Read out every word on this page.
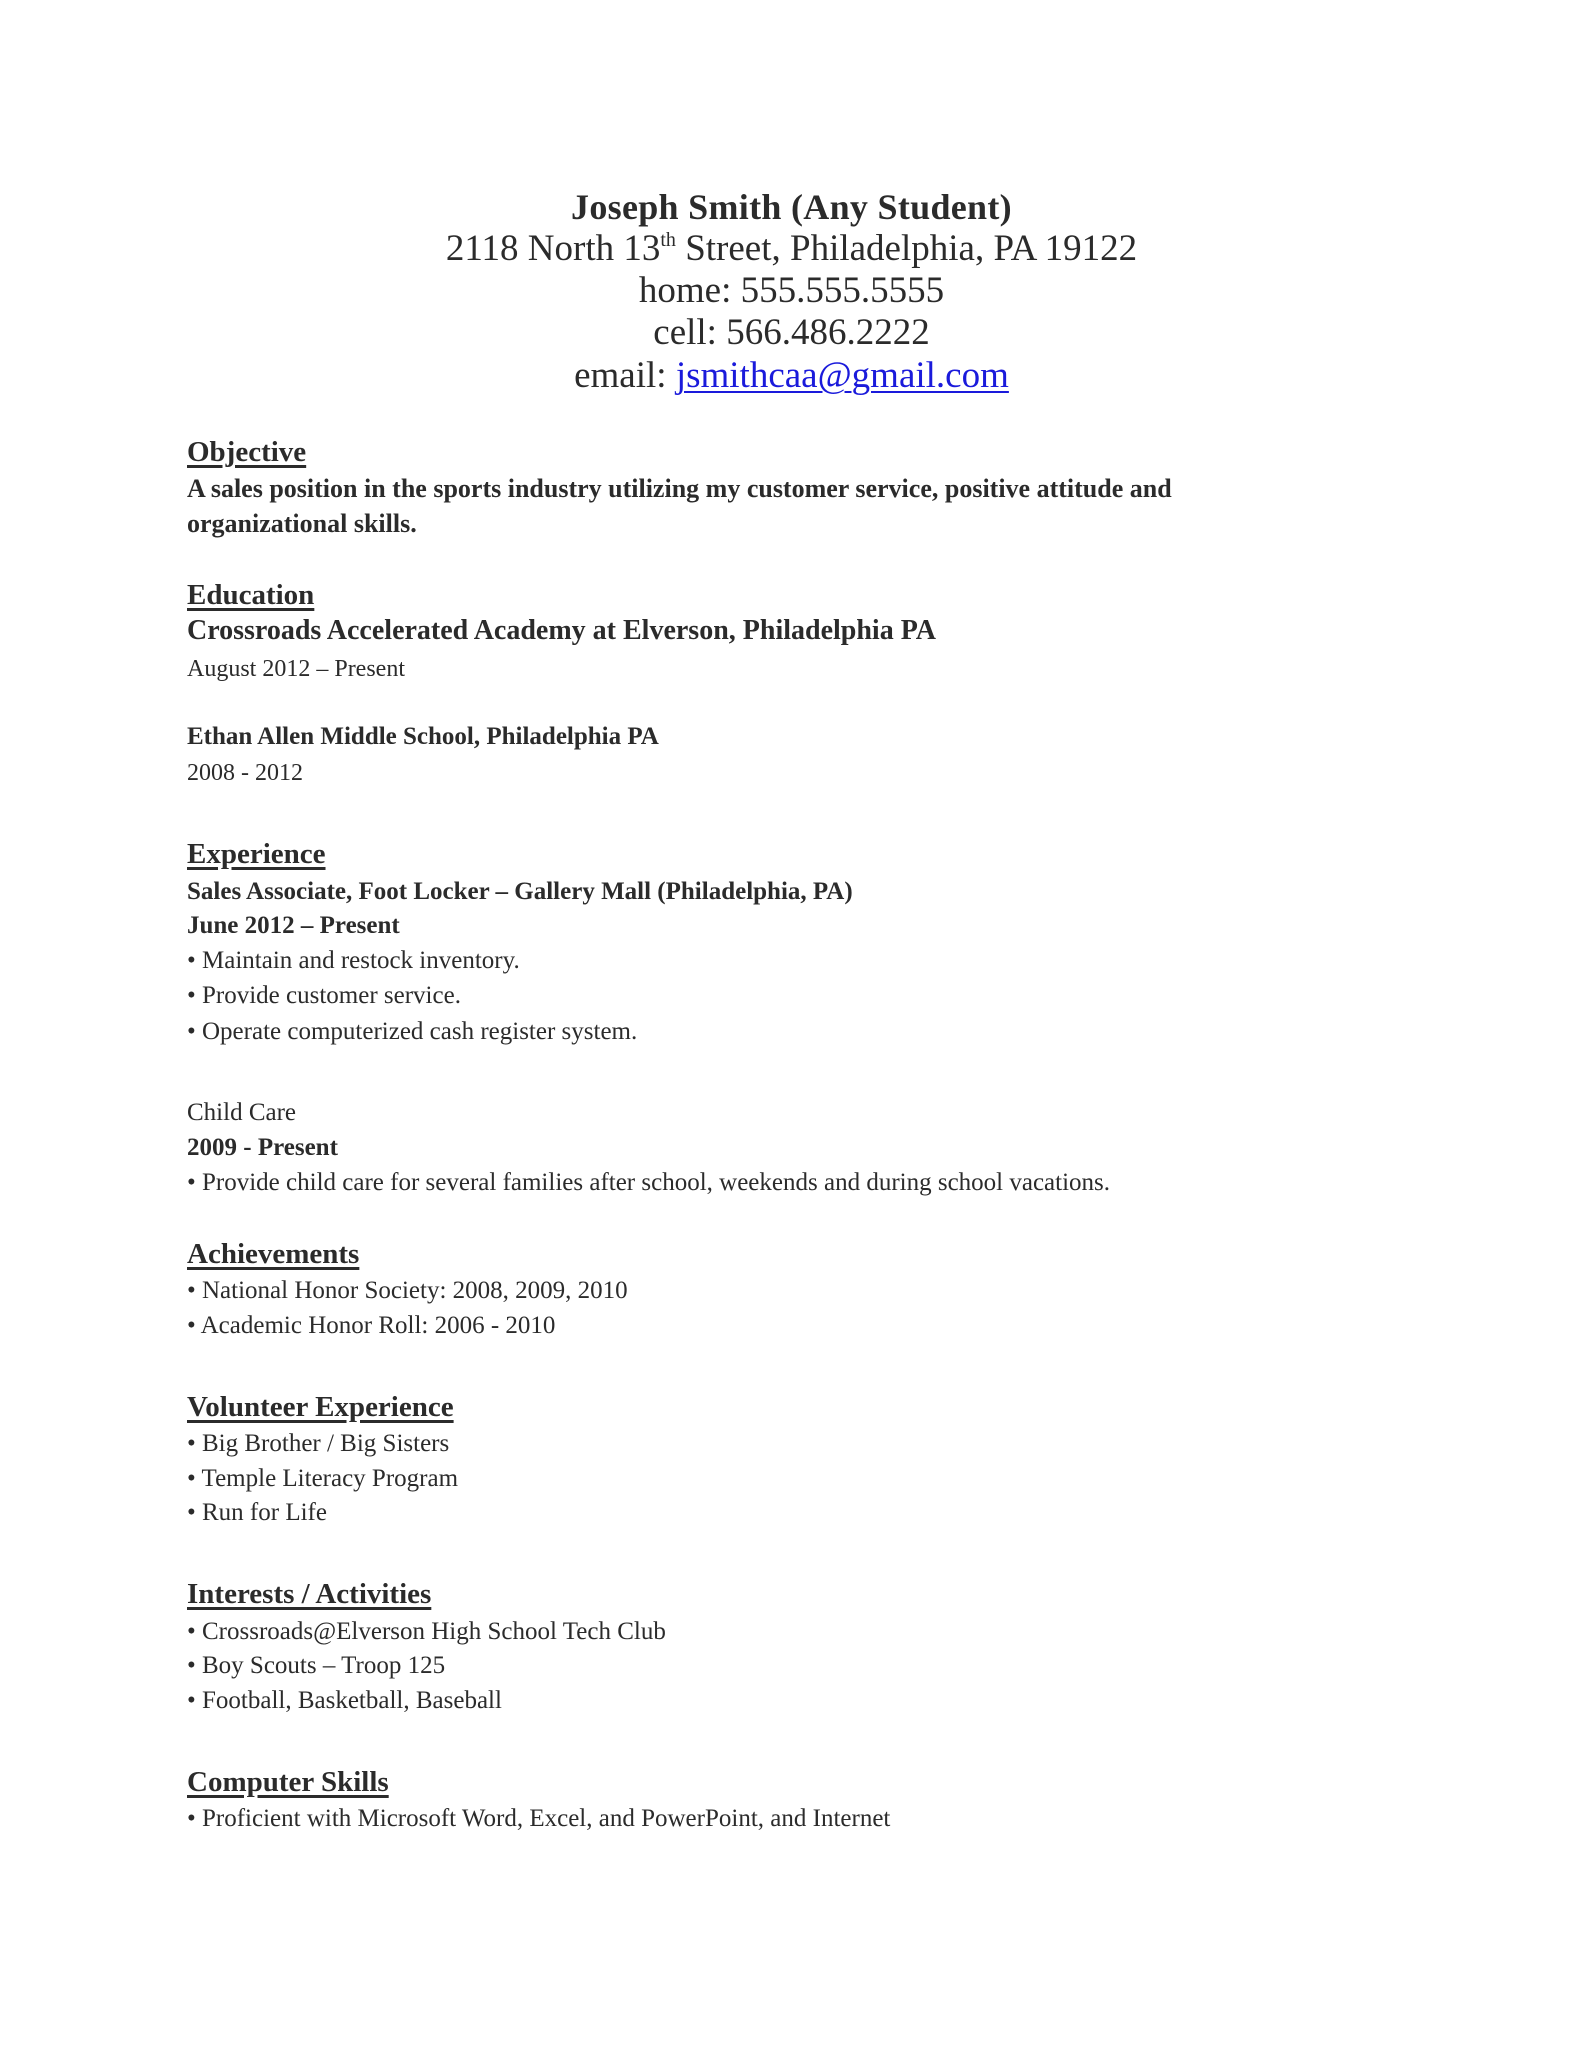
Joseph Smith (Any Student)
2118 North 13th Street, Philadelphia, PA 19122
home: 555.555.5555
cell: 566.486.2222
email: jsmithcaa@gmail.com
Objective
A sales position in the sports industry utilizing my customer service, positive attitude and
organizational skills.
Education
Crossroads Accelerated Academy at Elverson, Philadelphia PA
August 2012 – Present
Ethan Allen Middle School, Philadelphia PA
2008 - 2012
Experience
Sales Associate, Foot Locker – Gallery Mall (Philadelphia, PA)
June 2012 – Present
• Maintain and restock inventory.
• Provide customer service.
• Operate computerized cash register system.
Child Care
2009 - Present
• Provide child care for several families after school, weekends and during school vacations.
Achievements
• National Honor Society: 2008, 2009, 2010
• Academic Honor Roll: 2006 - 2010
Volunteer Experience
• Big Brother / Big Sisters
• Temple Literacy Program
• Run for Life
Interests / Activities
• Crossroads@Elverson High School Tech Club
• Boy Scouts – Troop 125
• Football, Basketball, Baseball
Computer Skills
• Proficient with Microsoft Word, Excel, and PowerPoint, and Internet
